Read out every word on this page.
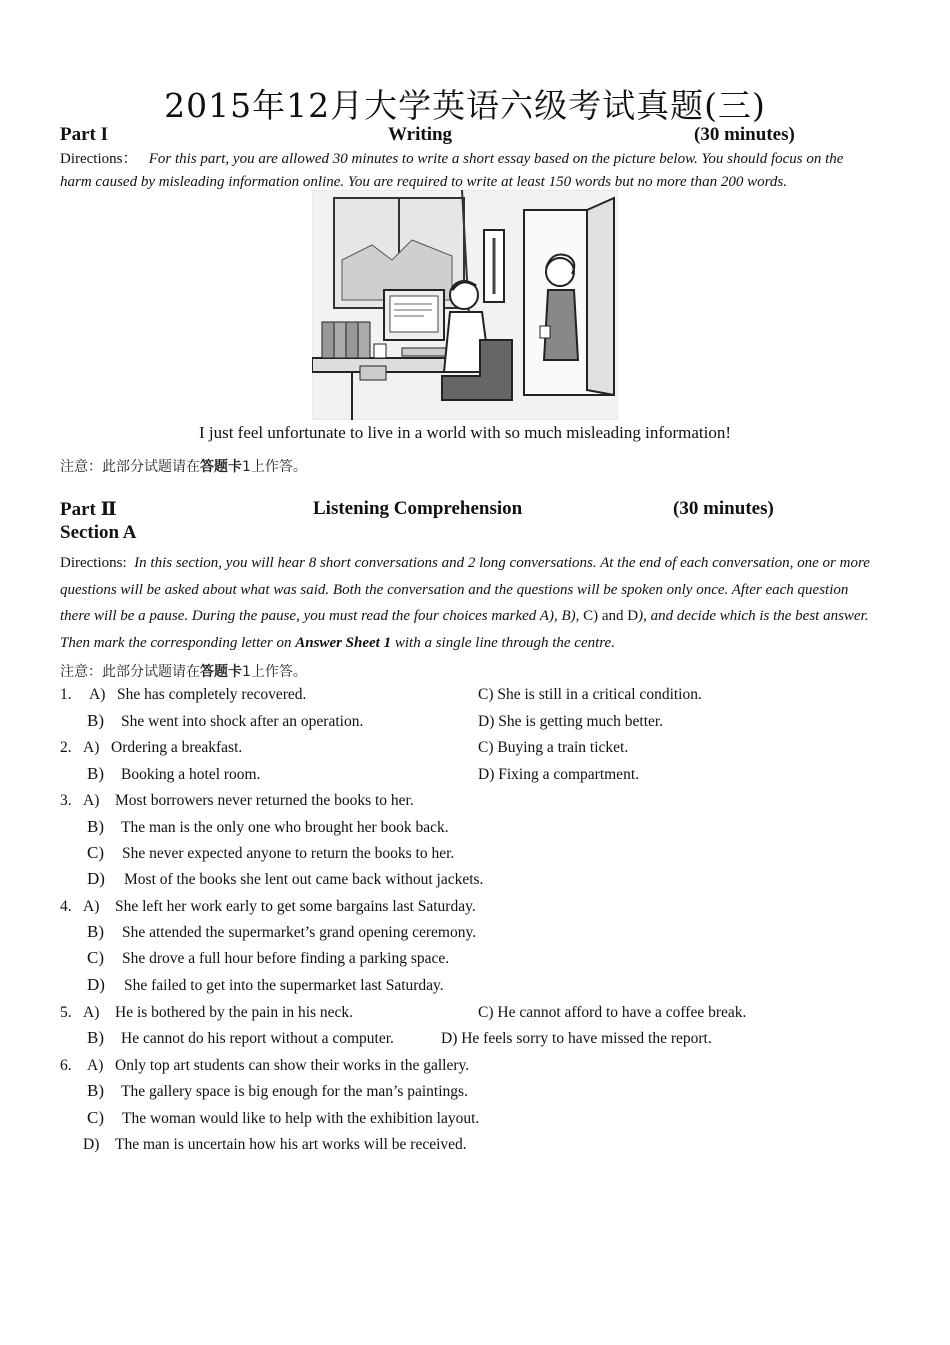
2015年12月大学英语六级考试真题(三)
Part I	Writing	(30 minutes)
Directions： For this part, you are allowed 30 minutes to write a short essay based on the picture below. You should focus on the harm caused by misleading information online. You are required to write at least 150 words but no more than 200 words.
I just feel unfortunate to live in a world with so much misleading information!
注意：此部分试题请在答题卡1上作答。
Part Ⅱ	Listening Comprehension	(30 minutes)
Section A
Directions: In this section, you will hear 8 short conversations and 2 long conversations. At the end of each conversation, one or more questions will be asked about what was said. Both the conversation and the questions will be spoken only once. After each question there will be a pause. During the pause, you must read the four choices marked A), B), C) and D), and decide which is the best answer. Then mark the corresponding letter on Answer Sheet 1 with a single line through the centre.
注意：此部分试题请在答题卡1上作答。
1. A) She has completely recovered.	C) She is still in a critical condition.
B) She went into shock after an operation.	D) She is getting much better.
2. A) Ordering a breakfast.	C) Buying a train ticket.
B) Booking a hotel room.	D) Fixing a compartment.
3. A) Most borrowers never returned the books to her.
B) The man is the only one who brought her book back.
C) She never expected anyone to return the books to her.
D) Most of the books she lent out came back without jackets.
4. A) She left her work early to get some bargains last Saturday.
B) She attended the supermarket’s grand opening ceremony.
C) She drove a full hour before finding a parking space.
D) She failed to get into the supermarket last Saturday.
5. A) He is bothered by the pain in his neck.	C) He cannot afford to have a coffee break.
B) He cannot do his report without a computer.	D) He feels sorry to have missed the report.
6. A) Only top art students can show their works in the gallery.
B) The gallery space is big enough for the man’s paintings.
C) The woman would like to help with the exhibition layout.
D) The man is uncertain how his art works will be received.
